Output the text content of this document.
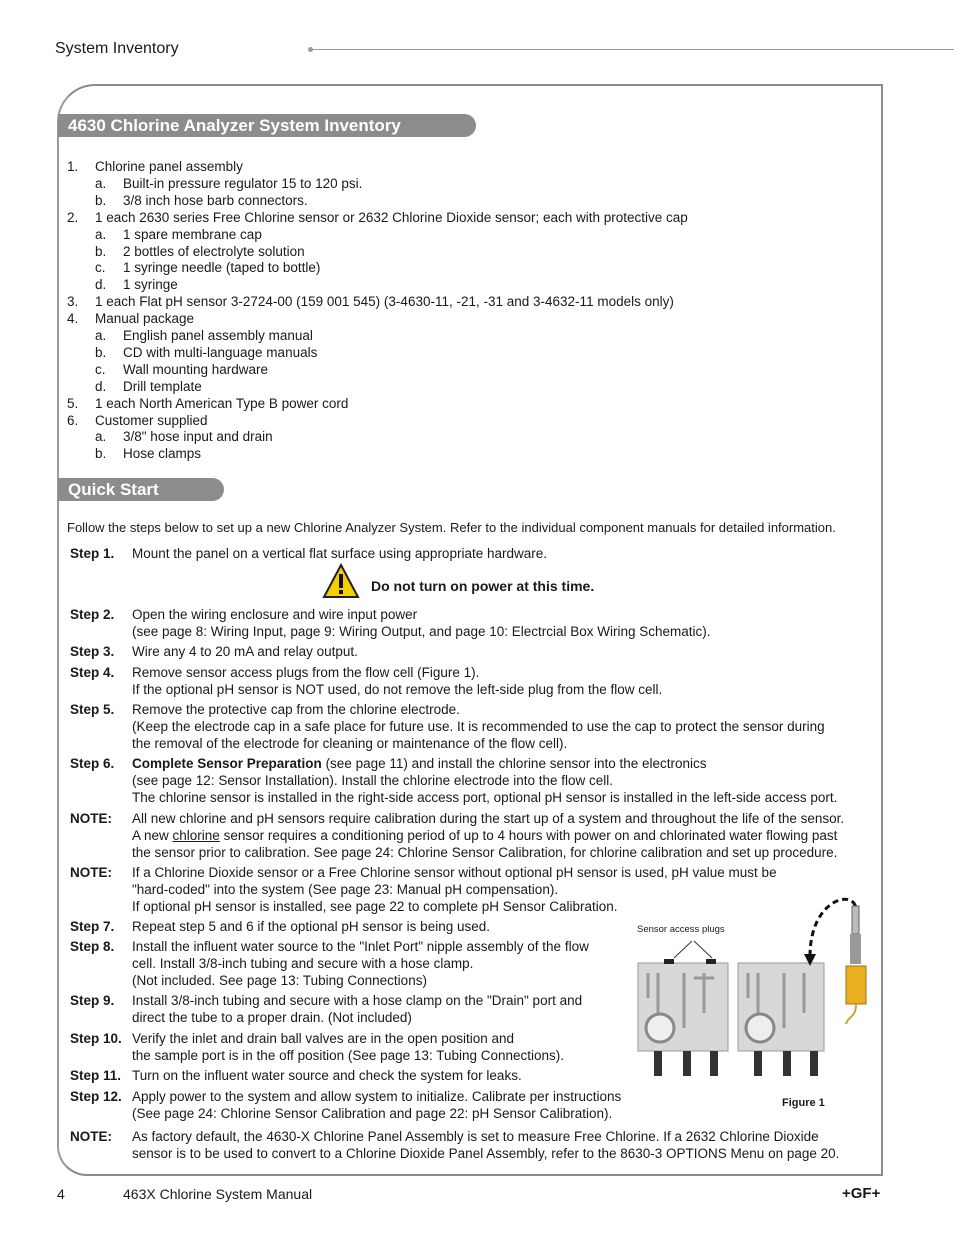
System Inventory
4630 Chlorine Analyzer System Inventory
1. Chlorine panel assembly
a. Built-in pressure regulator 15 to 120 psi.
b. 3/8 inch hose barb connectors.
2. 1 each 2630 series Free Chlorine sensor or 2632 Chlorine Dioxide sensor; each with protective cap
a. 1 spare membrane cap
b. 2 bottles of electrolyte solution
c. 1 syringe needle (taped to bottle)
d. 1 syringe
3. 1 each Flat pH sensor 3-2724-00 (159 001 545) (3-4630-11, -21, -31 and 3-4632-11 models only)
4. Manual package
a. English panel assembly manual
b. CD with multi-language manuals
c. Wall mounting hardware
d. Drill template
5. 1 each North American Type B power cord
6. Customer supplied
a. 3/8" hose input and drain
b. Hose clamps
Quick Start
Follow the steps below to set up a new Chlorine Analyzer System. Refer to the individual component manuals for detailed information.
Step 1. Mount the panel on a vertical flat surface using appropriate hardware.
Do not turn on power at this time.
Step 2. Open the wiring enclosure and wire input power
(see page 8: Wiring Input, page 9: Wiring Output, and page 10: Electrcial Box Wiring Schematic).
Step 3. Wire any 4 to 20 mA and relay output.
Step 4. Remove sensor access plugs from the flow cell (Figure 1).
If the optional pH sensor is NOT used, do not remove the left-side plug from the flow cell.
Step 5. Remove the protective cap from the chlorine electrode.
(Keep the electrode cap in a safe place for future use. It is recommended to use the cap to protect the sensor during
the removal of the electrode for cleaning or maintenance of the flow cell).
Step 6. Complete Sensor Preparation (see page 11) and install the chlorine sensor into the electronics
(see page 12: Sensor Installation). Install the chlorine electrode into the flow cell.
The chlorine sensor is installed in the right-side access port, optional pH sensor is installed in the left-side access port.
NOTE: All new chlorine and pH sensors require calibration during the start up of a system and throughout the life of the sensor.
A new chlorine sensor requires a conditioning period of up to 4 hours with power on and chlorinated water flowing past
the sensor prior to calibration. See page 24: Chlorine Sensor Calibration, for chlorine calibration and set up procedure.
NOTE: If a Chlorine Dioxide sensor or a Free Chlorine sensor without optional pH sensor is used, pH value must be
"hard-coded" into the system (See page 23: Manual pH compensation).
If optional pH sensor is installed, see page 22 to complete pH Sensor Calibration.
Step 7. Repeat step 5 and 6 if the optional pH sensor is being used.
Step 8. Install the influent water source to the "Inlet Port" nipple assembly of the flow
cell. Install 3/8-inch tubing and secure with a hose clamp.
(Not included. See page 13: Tubing Connections)
Step 9. Install 3/8-inch tubing and secure with a hose clamp on the "Drain" port and
direct the tube to a proper drain. (Not included)
Step 10. Verify the inlet and drain ball valves are in the open position and
the sample port is in the off position (See page 13: Tubing Connections).
Step 11. Turn on the influent water source and check the system for leaks.
Step 12. Apply power to the system and allow system to initialize. Calibrate per instructions
(See page 24: Chlorine Sensor Calibration and page 22: pH Sensor Calibration).
NOTE: As factory default, the 4630-X Chlorine Panel Assembly is set to measure Free Chlorine. If a 2632 Chlorine Dioxide
sensor is to be used to convert to a Chlorine Dioxide Panel Assembly, refer to the 8630-3 OPTIONS Menu on page 20.
Sensor access plugs
Figure 1
4	463X Chlorine System Manual	+GF+
